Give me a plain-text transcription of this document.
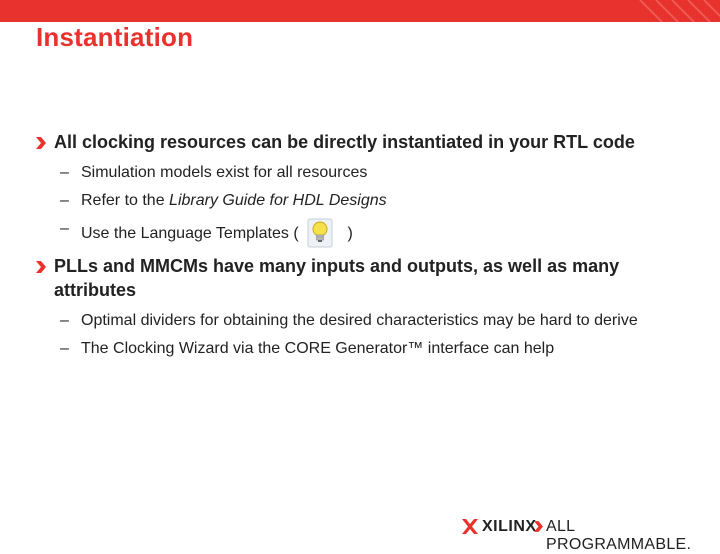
Instantiation
All clocking resources can be directly instantiated in your RTL code
– Simulation models exist for all resources
– Refer to the Library Guide for HDL Designs
– Use the Language Templates (	)
PLLs and MMCMs have many inputs and outputs, as well as many attributes
– Optimal dividers for obtaining the desired characteristics may be hard to derive
– The Clocking Wizard via the CORE Generator™ interface can help
XILINX ALL PROGRAMMABLE.
